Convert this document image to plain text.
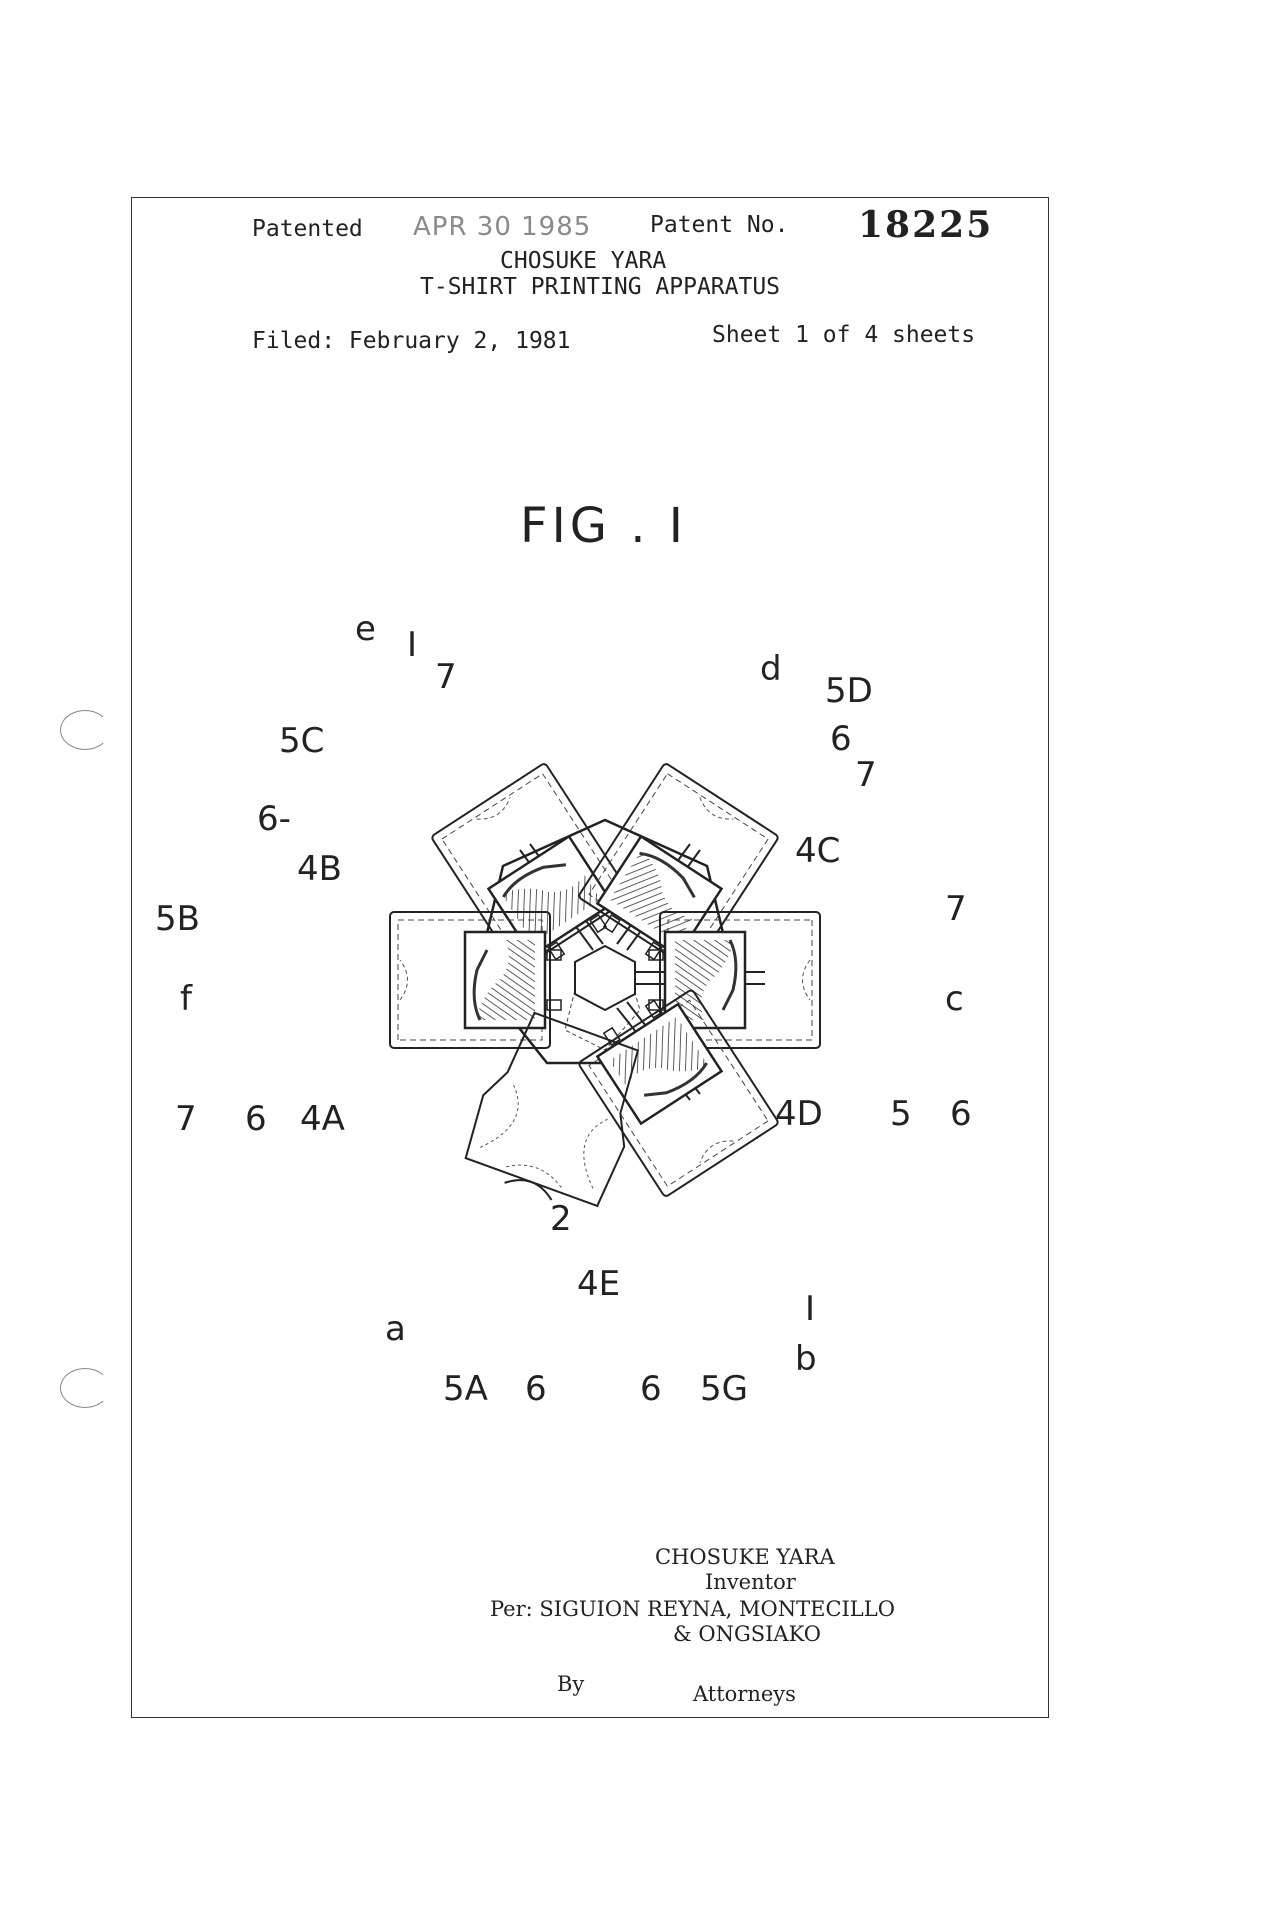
Patented APR 30 1985	Patent No. 18225
CHOSUKE YARA
T-SHIRT PRINTING APPARATUS
Filed: February 2, 1981	Sheet 1 of 4 sheets
FIG . I
e I
7
5C
6-
4B
5B
f
7 6 4A
d
5D
6
7
4C
7
c
4D 5 6
2
4E
a
5A 6	6 5G
I
b
CHOSUKE YARA
Inventor
Per: SIGUION REYNA, MONTECILLO
& ONGSIAKO
By	Attorneys
